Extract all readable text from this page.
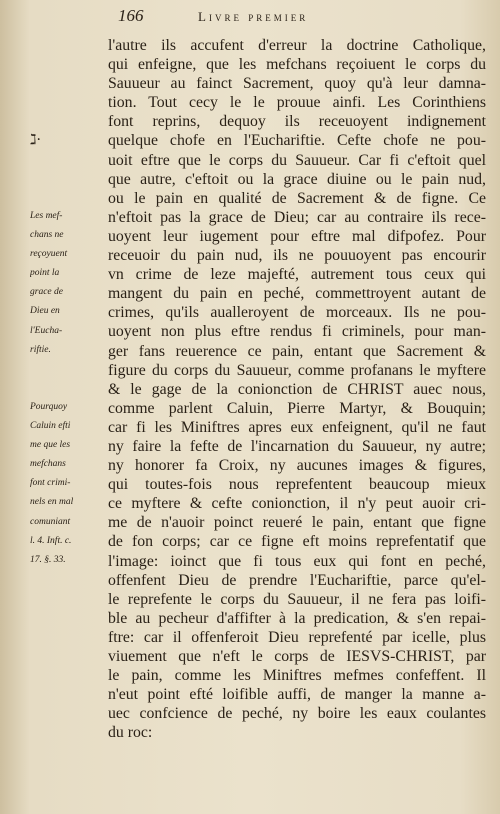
166	Livre premier
ℷ·
Les mef-
chans ne
reçoyuent
point la
grace de
Dieu en
l'Eucha-
riftie.
Pourquoy
Caluin efti
me que les
mefchans
font crimi-
nels en mal
comuniant
l. 4. Inft. c.
17. §. 33.
l'autre ils accufent d'erreur la doctrine Catholique,
qui enfeigne, que les mefchans reçoiuent le corps du
Sauueur au fainct Sacrement, quoy qu'à leur damna-
tion. Tout cecy le le prouue ainfi. Les Corinthiens
font reprins, dequoy ils receuoyent indignement
quelque chofe en l'Euchariftie. Cefte chofe ne pou-
uoit eftre que le corps du Sauueur. Car fi c'eftoit quel
que autre, c'eftoit ou la grace diuine ou le pain nud,
ou le pain en qualité de Sacrement & de figne. Ce
n'eftoit pas la grace de Dieu; car au contraire ils rece-
uoyent leur iugement pour eftre mal difpofez. Pour
receuoir du pain nud, ils ne pouuoyent pas encourir
vn crime de leze majefté, autrement tous ceux qui
mangent du pain en peché, commettroyent autant de
crimes, qu'ils aualleroyent de morceaux. Ils ne pou-
uoyent non plus eftre rendus fi criminels, pour man-
ger fans reuerence ce pain, entant que Sacrement &
figure du corps du Sauueur, comme profanans le myftere
& le gage de la conionction de CHRIST auec nous,
comme parlent Caluin, Pierre Martyr, & Bouquin;
car fi les Miniftres apres eux enfeignent, qu'il ne faut
ny faire la fefte de l'incarnation du Sauueur, ny autre;
ny honorer fa Croix, ny aucunes images & figures,
qui toutes-fois nous reprefentent beaucoup mieux
ce myftere & cefte conionction, il n'y peut auoir cri-
me de n'auoir poinct reueré le pain, entant que figne
de fon corps; car ce figne eft moins reprefentatif que
l'image: ioinct que fi tous eux qui font en peché,
offenfent Dieu de prendre l'Euchariftie, parce qu'el-
le reprefente le corps du Sauueur, il ne fera pas loifi-
ble au pecheur d'affifter à la predication, & s'en repai-
ftre: car il offenferoit Dieu reprefenté par icelle, plus
viuement que n'eft le corps de IESVS-CHRIST, par
le pain, comme les Miniftres mefmes confeffent. Il
n'eut point efté loifible auffi, de manger la manne a-
uec confcience de peché, ny boire les eaux coulantes
du roc:
